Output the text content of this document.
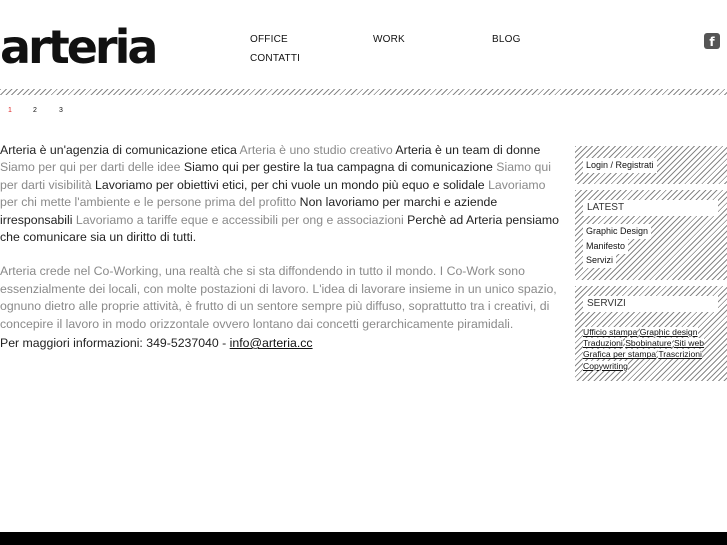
arteria	OFFICE	WORK	BLOG
CONTATTI
f
1	2	3

Arteria è un'agenzia di comunicazione etica Arteria è uno studio creativo Arteria è un team di donne Siamo per qui per darti delle idee Siamo qui per gestire la tua campagna di comunicazione Siamo qui per darti visibilità Lavoriamo per obiettivi etici, per chi vuole un mondo più equo e solidale Lavoriamo per chi mette l'ambiente e le persone prima del profitto Non lavoriamo per marchi e aziende irresponsabili Lavoriamo a tariffe eque e accessibili per ong e associazioni Perchè ad Arteria pensiamo che comunicare sia un diritto di tutti.

Arteria crede nel Co-Working, una realtà che si sta diffondendo in tutto il mondo. I Co-Work sono essenzialmente dei locali, con molte postazioni di lavoro. L'idea di lavorare insieme in un unico spazio, ognuno dietro alle proprie attività, è frutto di un sentore sempre più diffuso, soprattutto tra i creativi, di concepire il lavoro in modo orizzontale ovvero lontano dai concetti gerarchicamente piramidali.

Per maggiori informazioni: 349-5237040 - info@arteria.cc

Login / Registrati
LATEST
Graphic Design
Manifesto
Servizi
SERVIZI
Ufficio stampa Graphic design Traduzioni Sbobinature Siti web Grafica per stampa Trascrizioni Copywriting
